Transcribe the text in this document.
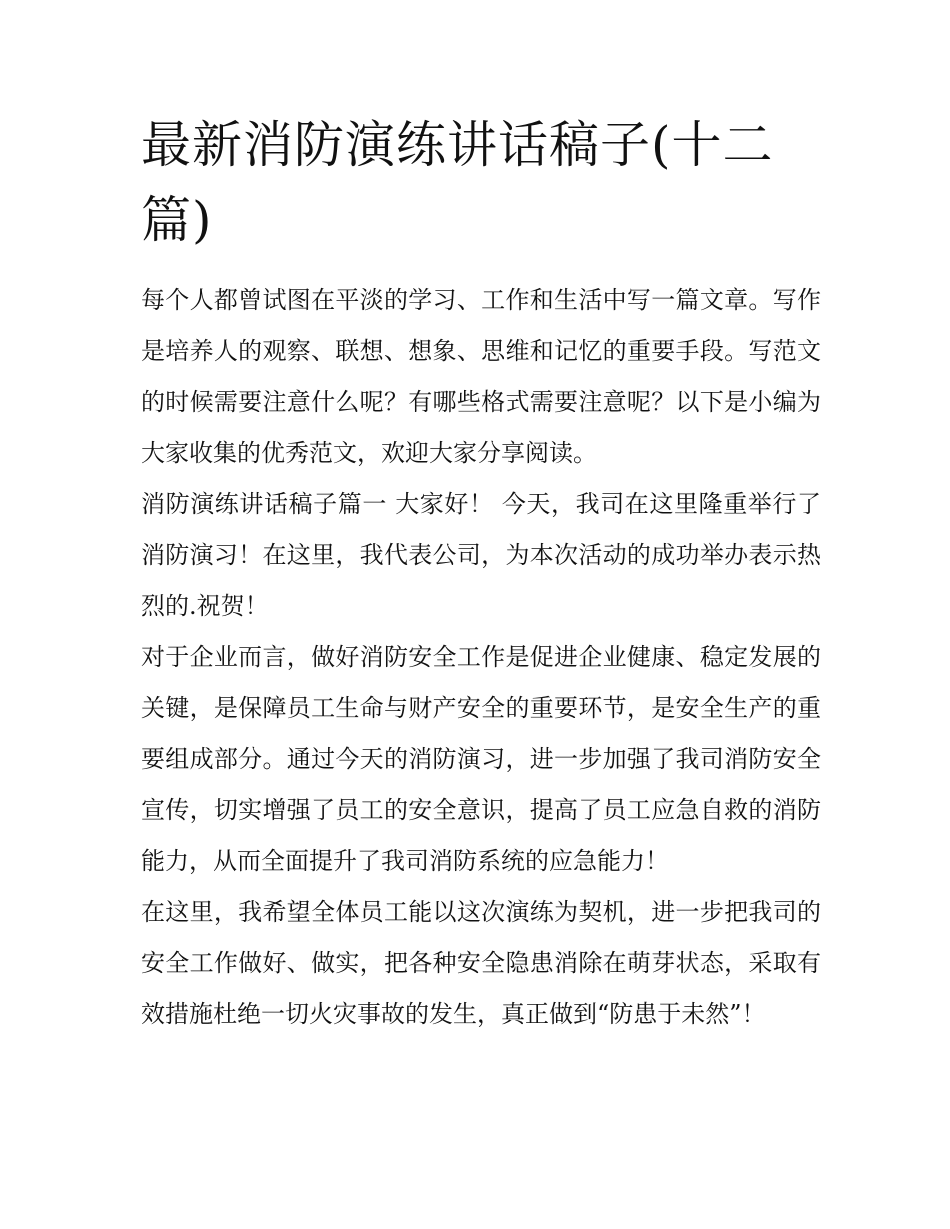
最新消防演练讲话稿子(十二篇)

每个人都曾试图在平淡的学习、工作和生活中写一篇文章。写作是培养人的观察、联想、想象、思维和记忆的重要手段。写范文的时候需要注意什么呢？有哪些格式需要注意呢？以下是小编为大家收集的优秀范文，欢迎大家分享阅读。

消防演练讲话稿子篇一 大家好！ 今天，我司在这里隆重举行了消防演习！在这里，我代表公司，为本次活动的成功举办表示热烈的.祝贺！

对于企业而言，做好消防安全工作是促进企业健康、稳定发展的关键，是保障员工生命与财产安全的重要环节，是安全生产的重要组成部分。通过今天的消防演习，进一步加强了我司消防安全宣传，切实增强了员工的安全意识，提高了员工应急自救的消防能力，从而全面提升了我司消防系统的应急能力！

在这里，我希望全体员工能以这次演练为契机，进一步把我司的安全工作做好、做实，把各种安全隐患消除在萌芽状态，采取有效措施杜绝一切火灾事故的发生，真正做到“防患于未然”！
